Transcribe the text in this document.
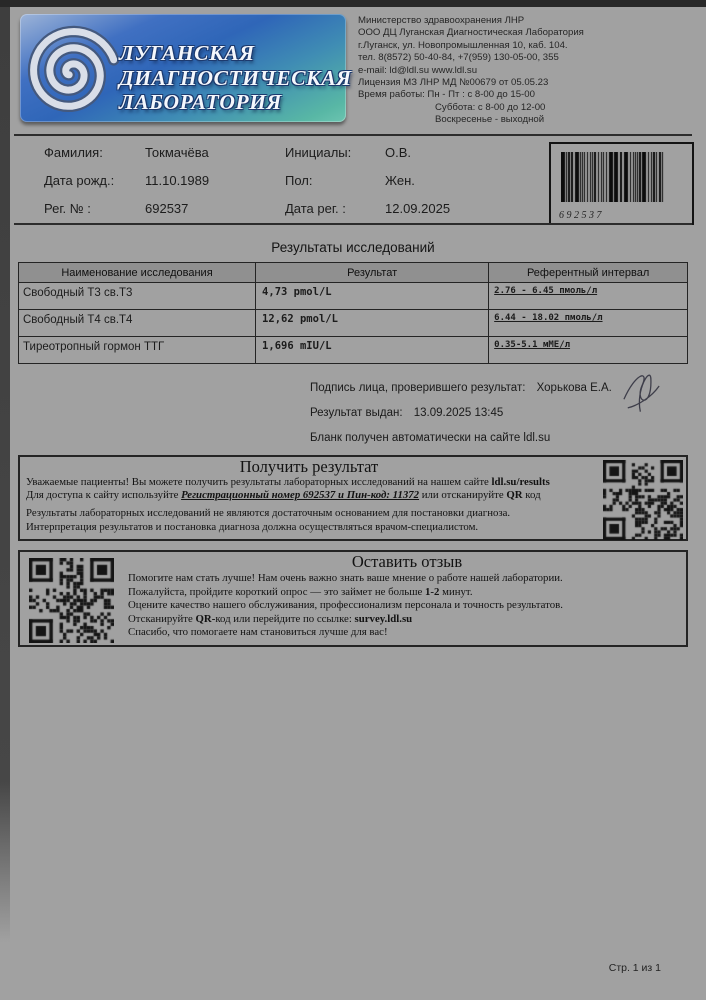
ЛУГАНСКАЯ
ДИАГНОСТИЧЕСКАЯ
ЛАБОРАТОРИЯ
Министерство здравоохранения ЛНР
ООО ДЦ Луганская Диагностическая Лаборатория
г.Луганск, ул. Новопромышленная 10, каб. 104.
тел. 8(8572) 50-40-84, +7(959) 130-05-00, 355
e-mail: ld@ldl.su www.ldl.su
Лицензия МЗ ЛНР МД №00679 от 05.05.23
Время работы: Пн - Пт : с 8-00 до 15-00
Суббота: с 8-00 до 12-00
Воскресенье - выходной
Фамилия:	Токмачёва	Инициалы:	О.В.
Дата рожд.:	11.10.1989	Пол:	Жен.
Рег. № :	692537	Дата рег. :	12.09.2025	692537
Результаты исследований
Наименование исследования	Результат	Референтный интервал
Свободный Т3 св.Т3	4,73 pmol/L	2.76 - 6.45 пмоль/л
Свободный Т4 св.Т4	12,62 pmol/L	6.44 - 18.02 пмоль/л
Тиреотропный гормон ТТГ	1,696 mIU/L	0.35-5.1 мМЕ/л
Подпись лица, проверившего результат: Хорькова Е.А.
Результат выдан: 13.09.2025 13:45
Бланк получен автоматически на сайте ldl.su
Получить результат
Уважаемые пациенты! Вы можете получить результаты лабораторных исследований на нашем сайте ldl.su/results
Для доступа к сайту используйте Регистрационный номер 692537 и Пин-код: 11372 или отсканируйте QR код
Результаты лабораторных исследований не являются достаточным основанием для постановки диагноза.
Интерпретация результатов и постановка диагноза должна осуществляться врачом-специалистом.
Оставить отзыв
Помогите нам стать лучше! Нам очень важно знать ваше мнение о работе нашей лаборатории.
Пожалуйста, пройдите короткий опрос — это займет не больше 1-2 минут.
Оцените качество нашего обслуживания, профессионализм персонала и точность результатов.
Отсканируйте QR-код или перейдите по ссылке: survey.ldl.su
Спасибо, что помогаете нам становиться лучше для вас!
Стр. 1 из 1
